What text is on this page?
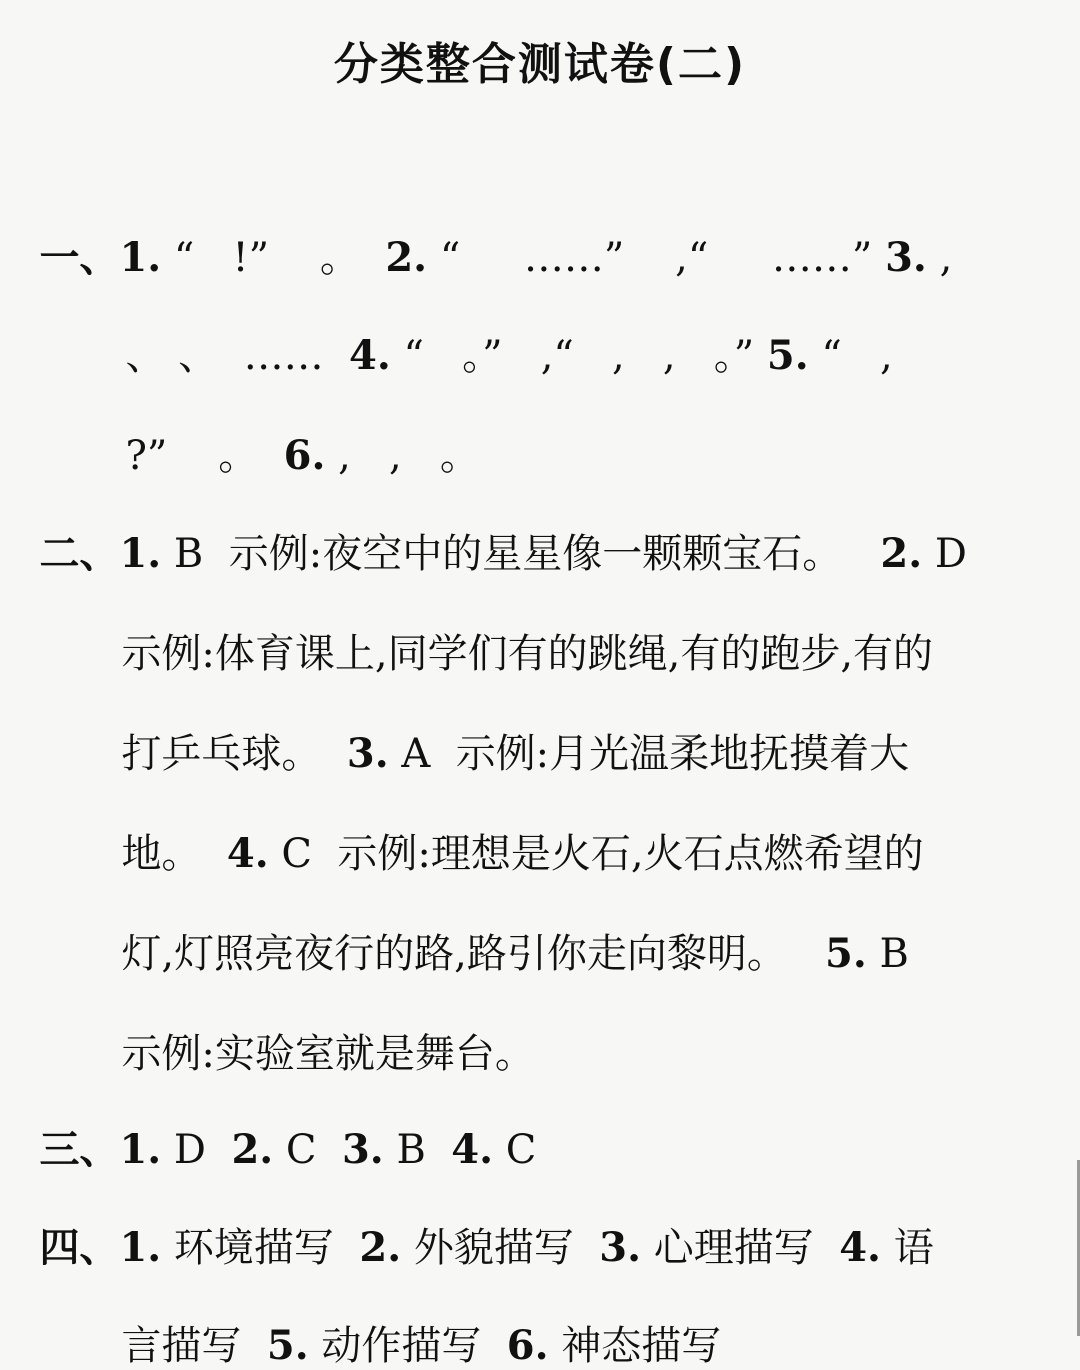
分类整合测试卷(二)

一、1. “   !”    。 2. “     ……”    ,“     ……” 3. ,

、 、  …… 4. “   。”   ,“   ,   ,   。” 5. “   ,

?”    。 6. ,   ,   。

二、1. B 示例:夜空中的星星像一颗颗宝石。 2. D

示例:体育课上,同学们有的跳绳,有的跑步,有的

打乒乓球。 3. A 示例:月光温柔地抚摸着大

地。 4. C 示例:理想是火石,火石点燃希望的

灯,灯照亮夜行的路,路引你走向黎明。 5. B

示例:实验室就是舞台。

三、1. D 2. C 3. B 4. C

四、1. 环境描写 2. 外貌描写 3. 心理描写 4. 语

言描写 5. 动作描写 6. 神态描写
